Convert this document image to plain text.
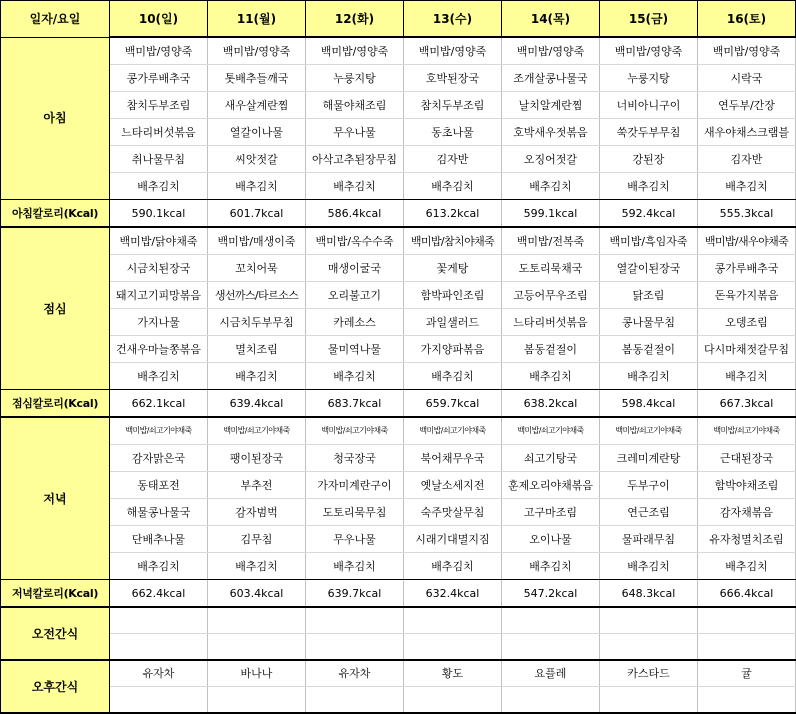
일자/요일	10(일)	11(월)	12(화)	13(수)	14(목)	15(금)	16(토)
아침	백미밥/영양죽	백미밥/영양죽	백미밥/영양죽	백미밥/영양죽	백미밥/영양죽	백미밥/영양죽	백미밥/영양죽
	콩가루배추국	톳배추들깨국	누룽지탕	호박된장국	조개살콩나물국	누룽지탕	시락국
	참치두부조림	새우살계란찜	해물야채조림	참치두부조림	날치알계란찜	너비아니구이	연두부/간장
	느타리버섯볶음	열갈이나물	무우나물	동초나물	호박새우젓볶음	쑥갓두부무침	새우야채스크램블
	취나물무침	씨앗젓갈	아삭고추된장무침	김자반	오징어젓갈	강된장	김자반
	배추김치	배추김치	배추김치	배추김치	배추김치	배추김치	배추김치
아침칼로리(Kcal)	590.1kcal	601.7kcal	586.4kcal	613.2kcal	599.1kcal	592.4kcal	555.3kcal
점심	백미밥/닭야채죽	백미밥/매생이죽	백미밥/옥수수죽	백미밥/참치야채죽	백미밥/전복죽	백미밥/흑임자죽	백미밥/새우야채죽
	시금치된장국	꼬치어묵	매생이굴국	꽃게탕	도토리묵채국	열갈이된장국	콩가루배추국
	돼지고기피망볶음	생선까스/타르소스	오리불고기	함박파인조림	고등어무우조림	닭조림	돈육가지볶음
	가지나물	시금치두부무침	카레소스	과일샐러드	느타리버섯볶음	콩나물무침	오뎅조림
	건새우마늘쫑볶음	멸치조림	물미역나물	가지양파볶음	봄동겉절이	봄동겉절이	다시마채젓갈무침
	배추김치	배추김치	배추김치	배추김치	배추김치	배추김치	배추김치
점심칼로리(Kcal)	662.1kcal	639.4kcal	683.7kcal	659.7kcal	638.2kcal	598.4kcal	667.3kcal
저녁	백미밥/쇠고기야채죽	백미밥/쇠고기야채죽	백미밥/쇠고기야채죽	백미밥/쇠고기야채죽	백미밥/쇠고기야채죽	백미밥/쇠고기야채죽	백미밥/쇠고기야채죽
	감자맑은국	팽이된장국	청국장국	북어채무우국	쇠고기탕국	크레미계란탕	근대된장국
	동태포전	부추전	가자미계란구이	옛날소세지전	훈제오리야채볶음	두부구이	함박야채조림
	해물콩나물국	감자범벅	도토리묵무침	숙주맛살무침	고구마조림	연근조림	감자채볶음
	단배추나물	김무침	무우나물	시래기대멸지짐	오이나물	물파래무침	유자청멸치조림
	배추김치	배추김치	배추김치	배추김치	배추김치	배추김치	배추김치
저녁칼로리(Kcal)	662.4kcal	603.4kcal	639.7kcal	632.4kcal	547.2kcal	648.3kcal	666.4kcal
오전간식							

오후간식	유자차	바나나	유자차	황도	요플레	카스타드	귤
